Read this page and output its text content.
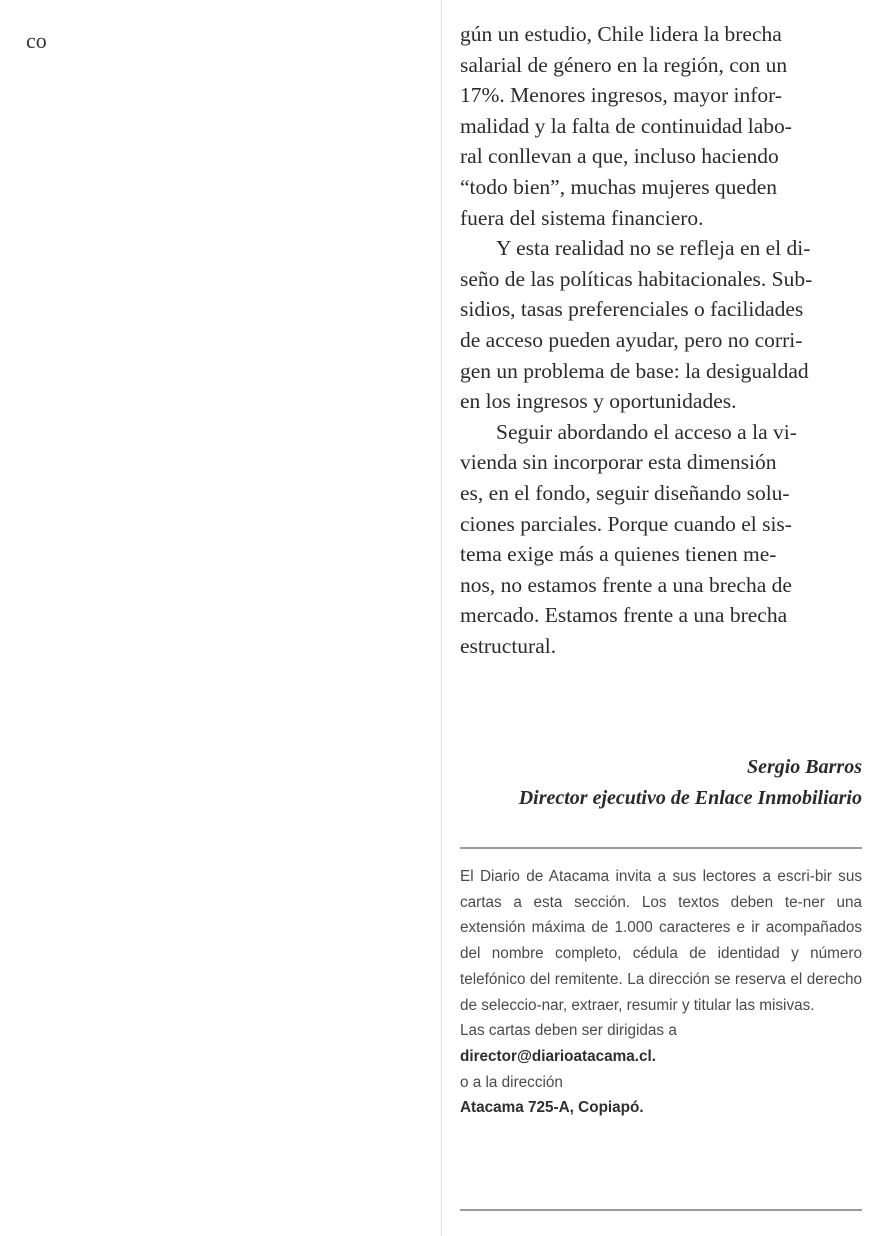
co	gún un estudio, Chile lidera la brecha
salarial de género en la región, con un
17%. Menores ingresos, mayor infor-
malidad y la falta de continuidad labo-
ral conllevan a que, incluso haciendo
“todo bien”, muchas mujeres queden
fuera del sistema financiero.

Y esta realidad no se refleja en el di-
seño de las políticas habitacionales. Sub-
sidios, tasas preferenciales o facilidades
de acceso pueden ayudar, pero no corri-
gen un problema de base: la desigualdad
en los ingresos y oportunidades.

Seguir abordando el acceso a la vi-
vienda sin incorporar esta dimensión
es, en el fondo, seguir diseñando solu-
ciones parciales. Porque cuando el sis-
tema exige más a quienes tienen me-
nos, no estamos frente a una brecha de
mercado. Estamos frente a una brecha
estructural.

Sergio Barros
Director ejecutivo de Enlace Inmobiliario

El Diario de Atacama invita a sus lectores a escri-bir sus cartas a esta sección. Los textos deben te-ner una extensión máxima de 1.000 caracteres e ir acompañados del nombre completo, cédula de identidad y número telefónico del remitente. La dirección se reserva el derecho de seleccio-nar, extraer, resumir y titular las misivas.

Las cartas deben ser dirigidas a
director@diarioatacama.cl.
o a la dirección
Atacama 725-A, Copiapó.
